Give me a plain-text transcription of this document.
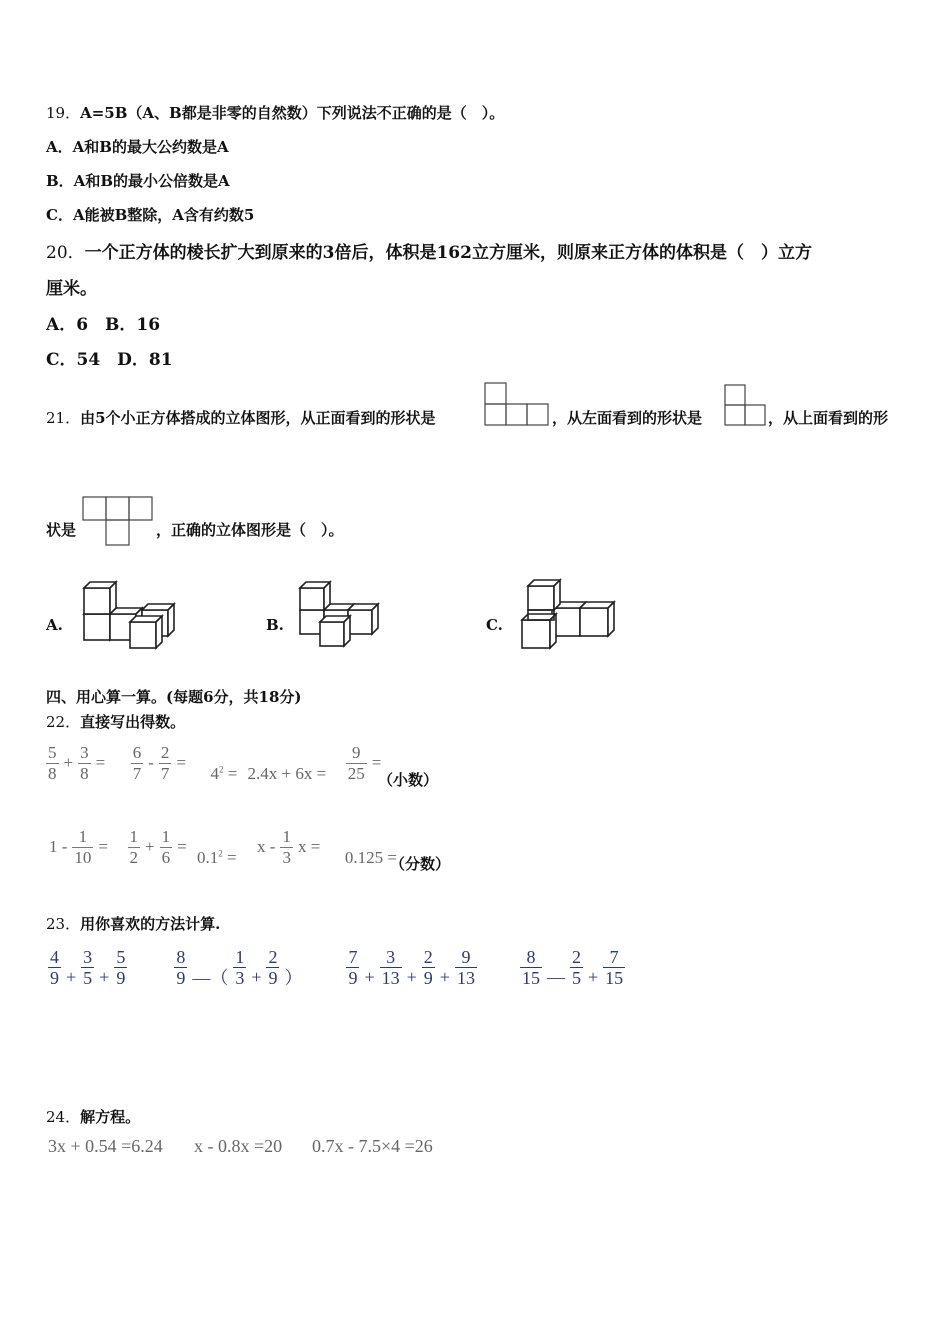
19．A=5B（A、B都是非零的自然数）下列说法不正确的是（　）。
A．A和B的最大公约数是A
B．A和B的最小公倍数是A
C．A能被B整除，A含有约数5
20．一个正方体的棱长扩大到原来的3倍后，体积是162立方厘米，则原来正方体的体积是（　）立方
厘米。
A．6　B．16
C．54　D．81
21．由5个小正方体搭成的立体图形，从正面看到的形状是	，从左面看到的形状是	，从上面看到的形
状是	，正确的立体图形是（　）。
A.	B.	C.
四、用心算一算。(每题6分，共18分)
22．直接写出得数。
$\frac{5}{8} + \frac{3}{8} = \frac{6}{7} - \frac{2}{7} = 4^2 = 2.4x + 6x = \frac{9}{25}$ =
（小数）
$1 - \frac{1}{10} = \frac{1}{2} + \frac{1}{6} = 0.1^2 = x - \frac{1}{3}$ x =  0.125 =
（分数）
23．用你喜欢的方法计算.
$\frac{4}{9} + \frac{3}{5} + \frac{5}{9}$
	$\frac{8}{9}$ —（ $\frac{1}{3} + \frac{2}{9}$ ） $\frac{7}{9} + \frac{3}{13} + \frac{2}{9} + \frac{9}{13}$
$\frac{8}{15}$ — $\frac{2}{5} + \frac{7}{15}$
24．解方程。
3x + 0.54 =6.24 x - 0.8x =20 0.7x - 7.5×4 =26
